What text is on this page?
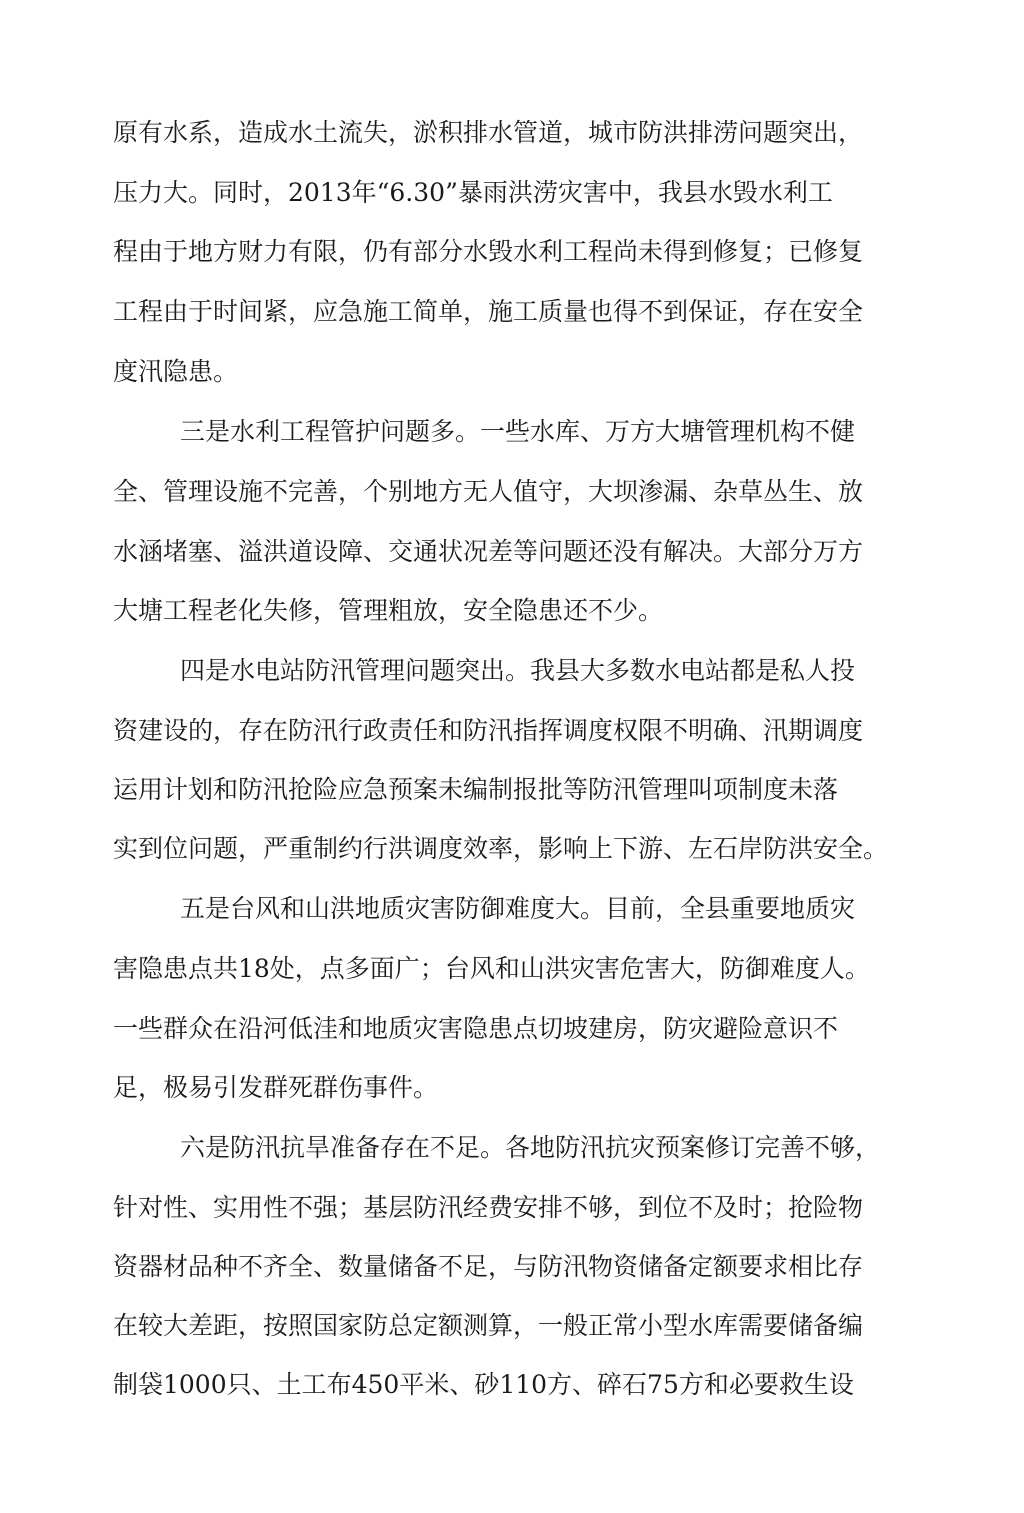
原有水系，造成水土流失，淤积排水管道，城市防洪排涝问题突出，
压力大。同时，2013年“6.30”暴雨洪涝灾害中，我县水毁水利工
程由于地方财力有限，仍有部分水毁水利工程尚未得到修复；已修复
工程由于时间紧，应急施工简单，施工质量也得不到保证，存在安全
度汛隐患。
三是水利工程管护问题多。一些水库、万方大塘管理机构不健
全、管理设施不完善，个别地方无人值守，大坝渗漏、杂草丛生、放
水涵堵塞、溢洪道设障、交通状况差等问题还没有解决。大部分万方
大塘工程老化失修，管理粗放，安全隐患还不少。
四是水电站防汛管理问题突出。我县大多数水电站都是私人投
资建设的，存在防汛行政责任和防汛指挥调度权限不明确、汛期调度
运用计划和防汛抢险应急预案未编制报批等防汛管理叫项制度未落
实到位问题，严重制约行洪调度效率，影响上下游、左石岸防洪安全。
五是台风和山洪地质灾害防御难度大。目前，全县重要地质灾
害隐患点共18处，点多面广；台风和山洪灾害危害大，防御难度人。
一些群众在沿河低洼和地质灾害隐患点切坡建房，防灾避险意识不
足，极易引发群死群伤事件。
六是防汛抗旱准备存在不足。各地防汛抗灾预案修订完善不够，
针对性、实用性不强；基层防汛经费安排不够，到位不及时；抢险物
资器材品种不齐全、数量储备不足，与防汛物资储备定额要求相比存
在较大差距，按照国家防总定额测算，一般正常小型水库需要储备编
制袋1000只、土工布450平米、砂110方、碎石75方和必要救生设
